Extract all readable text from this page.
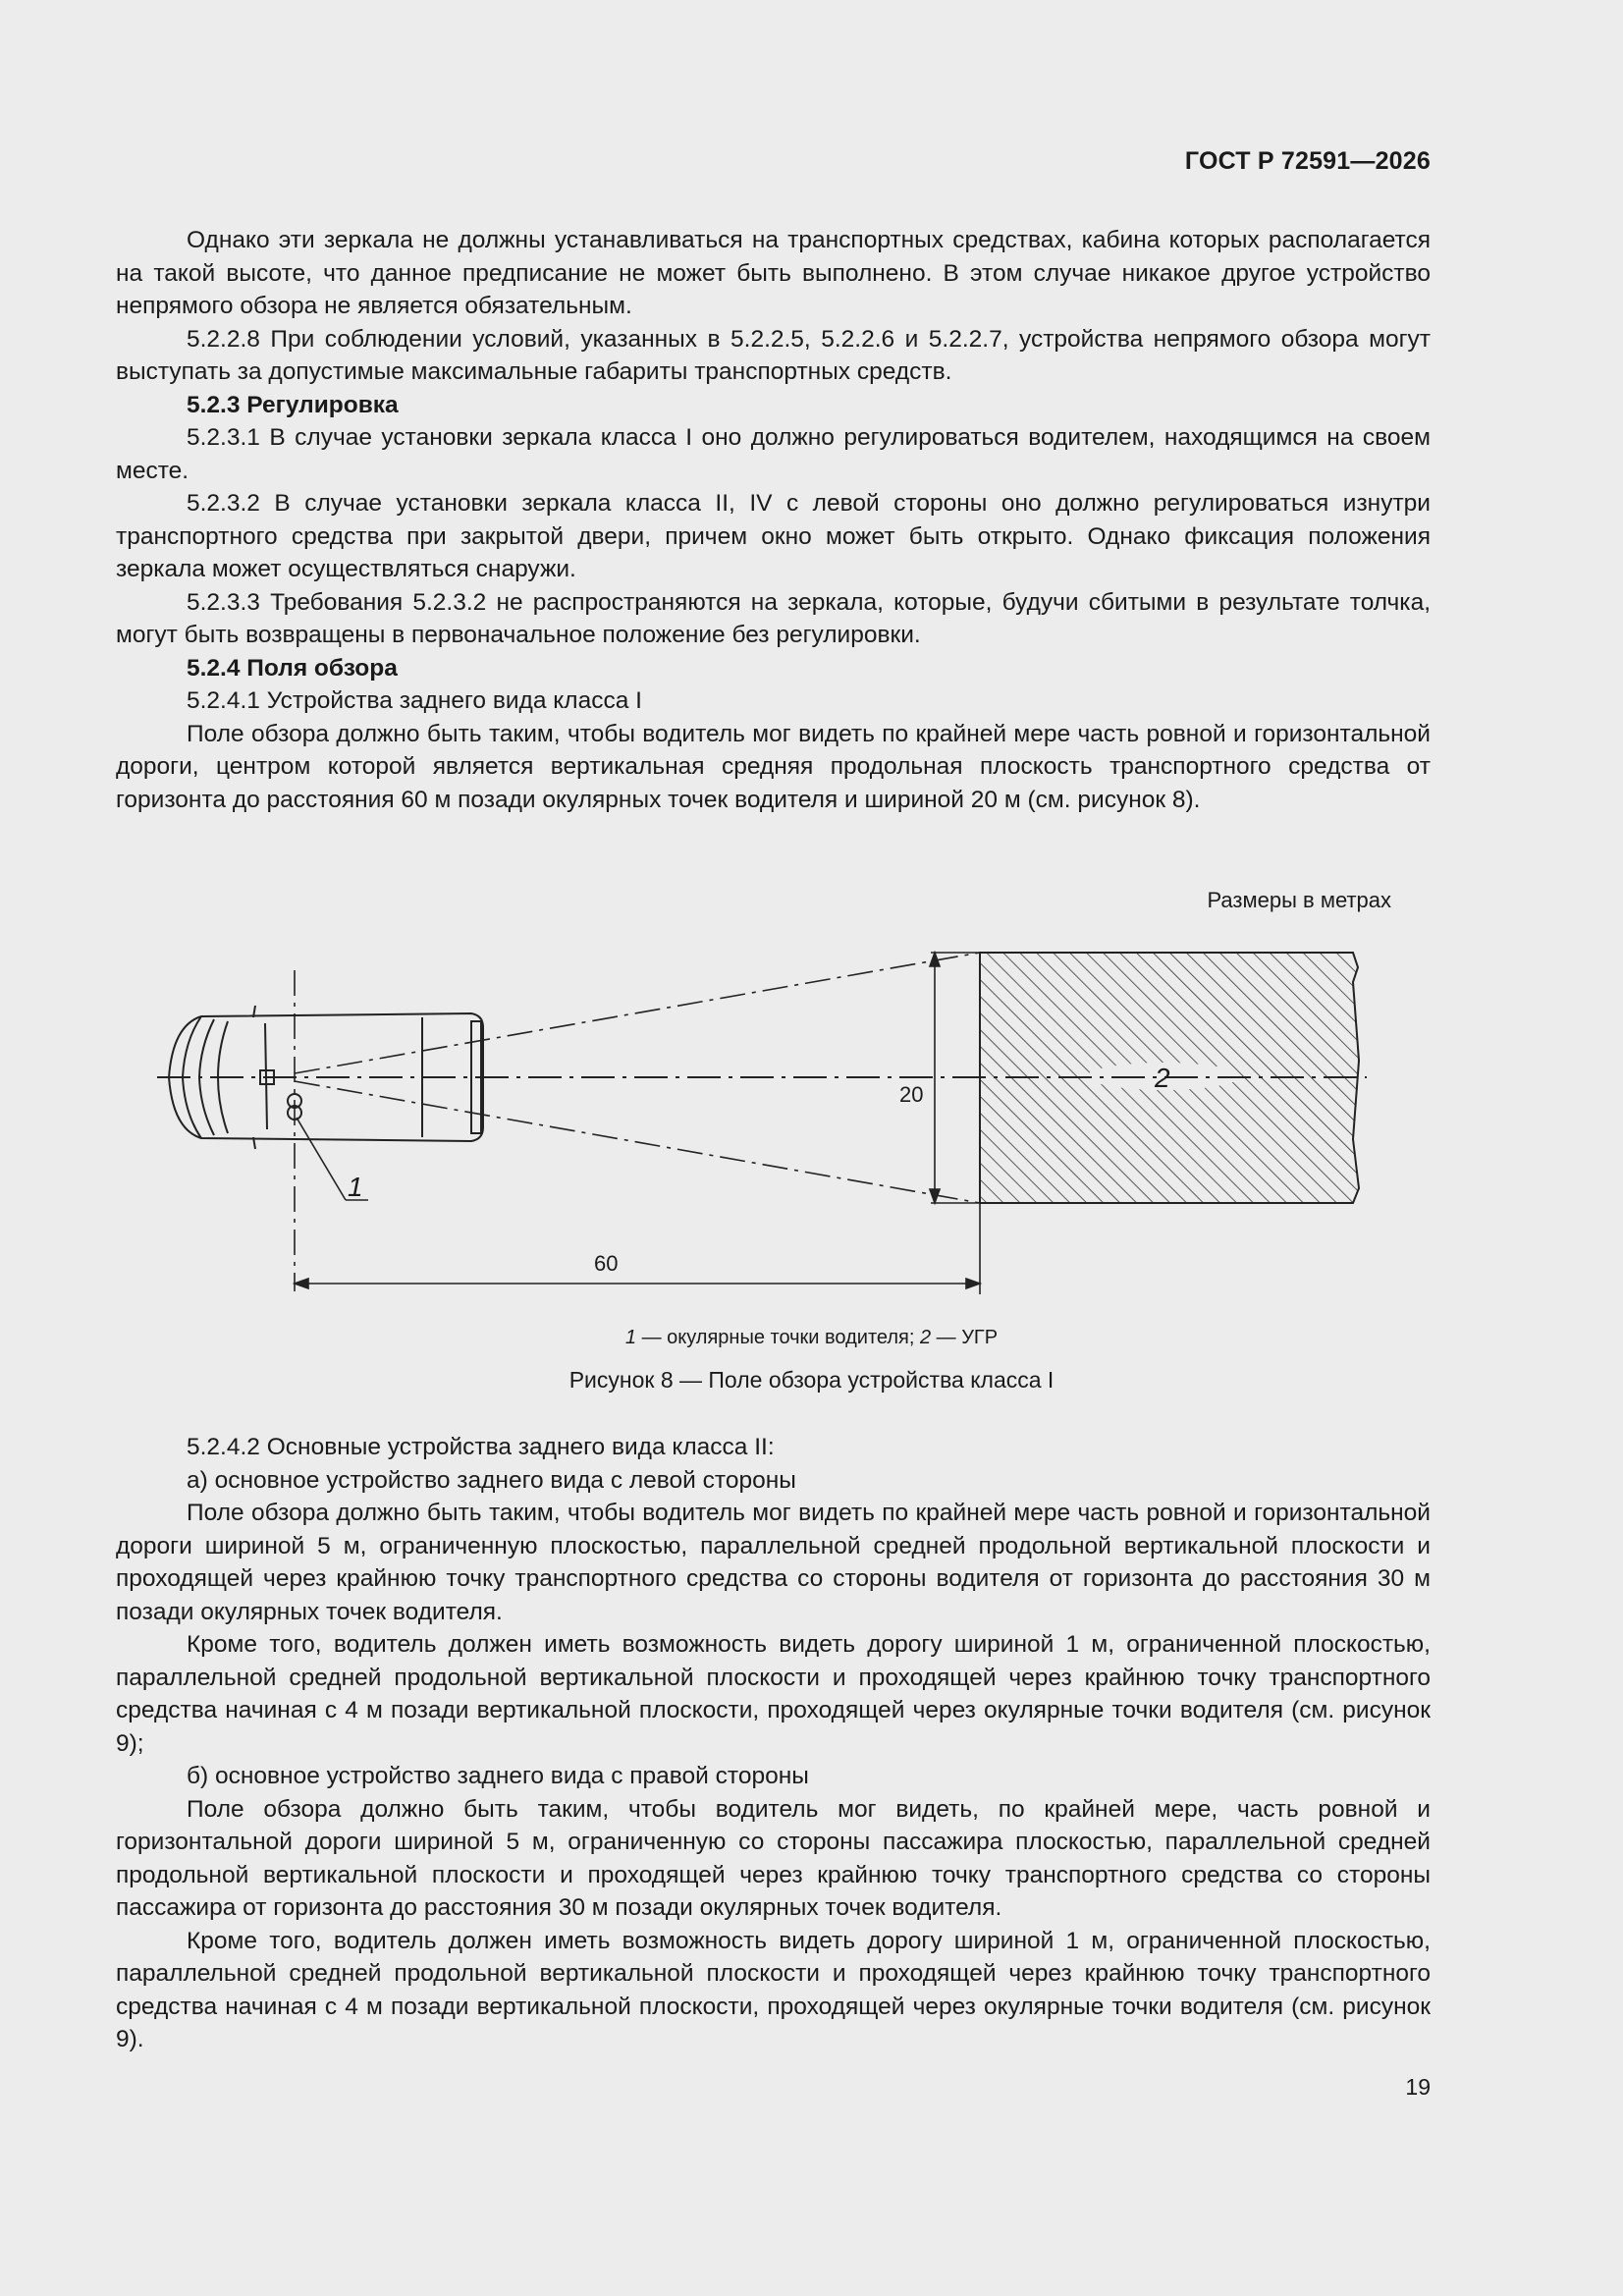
ГОСТ Р 72591—2026

Однако эти зеркала не должны устанавливаться на транспортных средствах, кабина которых располагается на такой высоте, что данное предписание не может быть выполнено. В этом случае никакое другое устройство непрямого обзора не является обязательным.

5.2.2.8 При соблюдении условий, указанных в 5.2.2.5, 5.2.2.6 и 5.2.2.7, устройства непрямого обзора могут выступать за допустимые максимальные габариты транспортных средств.

5.2.3 Регулировка

5.2.3.1 В случае установки зеркала класса I оно должно регулироваться водителем, находящимся на своем месте.

5.2.3.2 В случае установки зеркала класса II, IV с левой стороны оно должно регулироваться изнутри транспортного средства при закрытой двери, причем окно может быть открыто. Однако фиксация положения зеркала может осуществляться снаружи.

5.2.3.3 Требования 5.2.3.2 не распространяются на зеркала, которые, будучи сбитыми в результате толчка, могут быть возвращены в первоначальное положение без регулировки.

5.2.4 Поля обзора

5.2.4.1 Устройства заднего вида класса I

Поле обзора должно быть таким, чтобы водитель мог видеть по крайней мере часть ровной и горизонтальной дороги, центром которой является вертикальная средняя продольная плоскость транспортного средства от горизонта до расстояния 60 м позади окулярных точек водителя и шириной 20 м (см. рисунок 8).

Размеры в метрах
1
2
20
60
1 — окулярные точки водителя; 2 — УГР
Рисунок 8 — Поле обзора устройства класса I

5.2.4.2 Основные устройства заднего вида класса II:

а) основное устройство заднего вида с левой стороны

Поле обзора должно быть таким, чтобы водитель мог видеть по крайней мере часть ровной и горизонтальной дороги шириной 5 м, ограниченную плоскостью, параллельной средней продольной вертикальной плоскости и проходящей через крайнюю точку транспортного средства со стороны водителя от горизонта до расстояния 30 м позади окулярных точек водителя.

Кроме того, водитель должен иметь возможность видеть дорогу шириной 1 м, ограниченной плоскостью, параллельной средней продольной вертикальной плоскости и проходящей через крайнюю точку транспортного средства начиная с 4 м позади вертикальной плоскости, проходящей через окулярные точки водителя (см. рисунок 9);

б) основное устройство заднего вида с правой стороны

Поле обзора должно быть таким, чтобы водитель мог видеть, по крайней мере, часть ровной и горизонтальной дороги шириной 5 м, ограниченную со стороны пассажира плоскостью, параллельной средней продольной вертикальной плоскости и проходящей через крайнюю точку транспортного средства со стороны пассажира от горизонта до расстояния 30 м позади окулярных точек водителя.

Кроме того, водитель должен иметь возможность видеть дорогу шириной 1 м, ограниченной плоскостью, параллельной средней продольной вертикальной плоскости и проходящей через крайнюю точку транспортного средства начиная с 4 м позади вертикальной плоскости, проходящей через окулярные точки водителя (см. рисунок 9).

19
